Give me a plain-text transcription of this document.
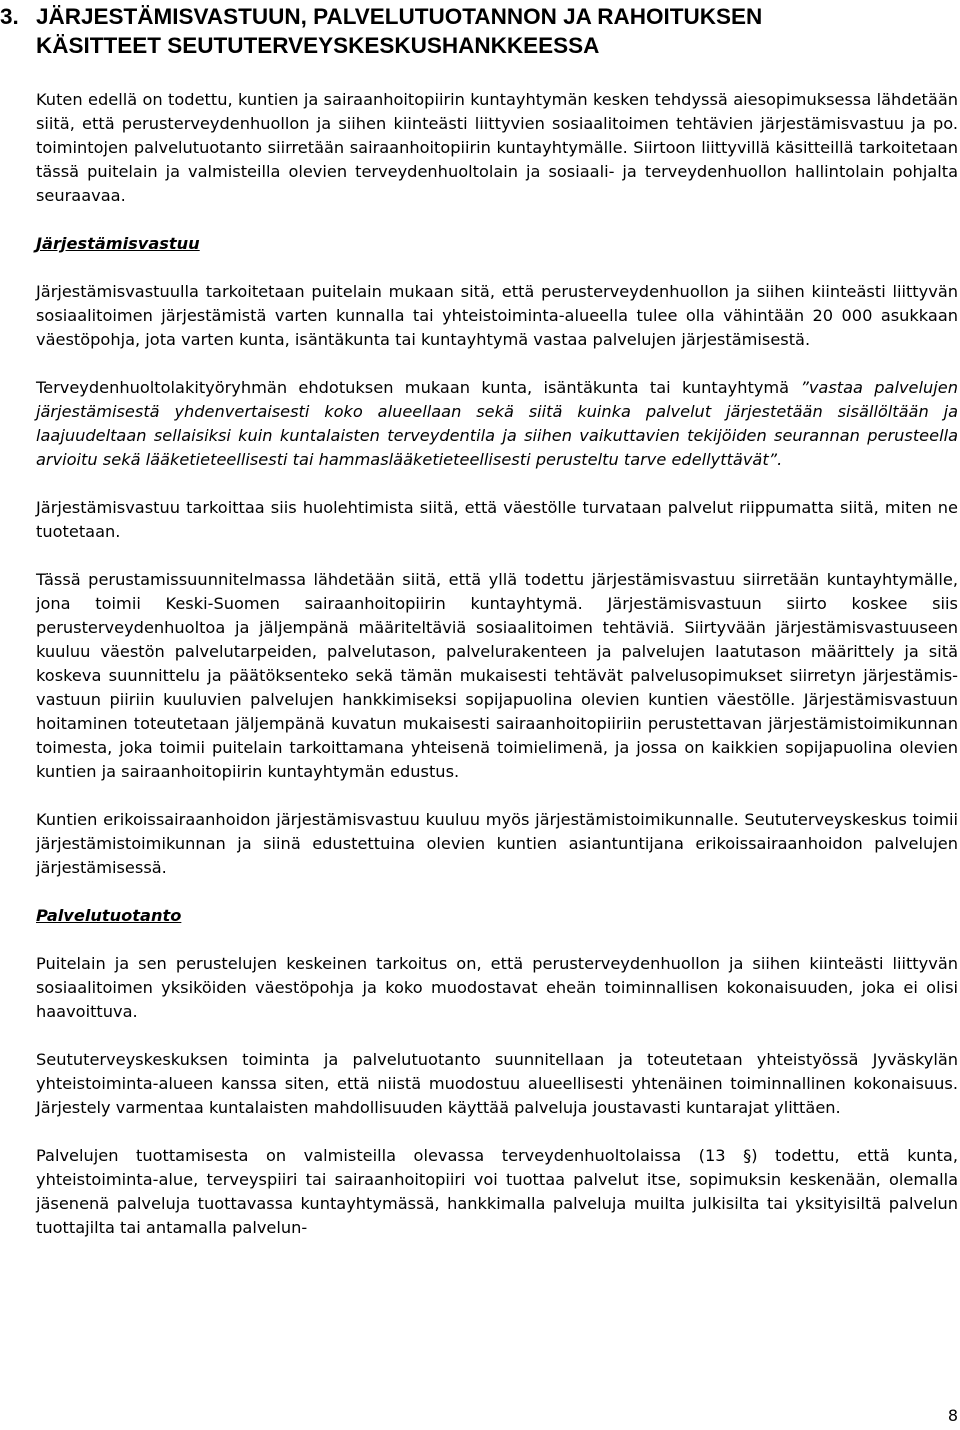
3. JÄRJESTÄMISVASTUUN, PALVELUTUOTANNON JA RAHOITUKSEN
KÄSITTEET SEUTUTERVEYSKESKUSHANKKEESSA

Kuten edellä on todettu, kuntien ja sairaanhoitopiirin kuntayhtymän kesken tehdyssä aiesopimuksessa lähdetään siitä, että perusterveydenhuollon ja siihen kiinteästi liittyvien sosiaalitoimen tehtävien järjestämisvastuu ja po. toimintojen palvelutuotanto siirretään sairaanhoitopiirin kuntayhtymälle. Siirtoon liittyvillä käsitteillä tarkoitetaan tässä puitelain ja valmisteilla olevien terveydenhuoltolain ja sosiaali- ja terveydenhuollon hallintolain pohjalta seuraavaa.

Järjestämisvastuu

Järjestämisvastuulla tarkoitetaan puitelain mukaan sitä, että perusterveydenhuollon ja siihen kiinteästi liittyvän sosiaalitoimen järjestämistä varten kunnalla tai yhteistoiminta-alueella tulee olla vähintään 20 000 asukkaan väestöpohja, jota varten kunta, isäntäkunta tai kuntayhtymä vastaa palvelujen järjestämisestä.

Terveydenhuoltolakityöryhmän ehdotuksen mukaan kunta, isäntäkunta tai kuntayhtymä ”vastaa palvelujen järjestämisestä yhdenvertaisesti koko alueellaan sekä siitä kuinka palvelut järjestetään sisällöltään ja laajuudeltaan sellaisiksi kuin kuntalaisten terveydentila ja siihen vaikuttavien tekijöiden seurannan perusteella arvioitu sekä lääketieteellisesti tai hammaslääketieteellisesti perusteltu tarve edellyttävät”.

Järjestämisvastuu tarkoittaa siis huolehtimista siitä, että väestölle turvataan palvelut riippumatta siitä, miten ne tuotetaan.

Tässä perustamissuunnitelmassa lähdetään siitä, että yllä todettu järjestämisvastuu siirretään kuntayhtymälle, jona toimii Keski-Suomen sairaanhoitopiirin kuntayhtymä. Järjestämisvastuun siirto koskee siis perusterveydenhuoltoa ja jäljempänä määriteltäviä sosiaalitoimen tehtäviä. Siirtyvään järjestämisvastuuseen kuuluu väestön palvelutarpeiden, palvelutason, palvelurakenteen ja palvelujen laatutason määrittely ja sitä koskeva suunnittelu ja päätöksenteko sekä tämän mukaisesti tehtävät palvelusopimukset siirretyn järjestämisvastuun piiriin kuuluvien palvelujen hankkimiseksi sopijapuolina olevien kuntien väestölle. Järjestämisvastuun hoitaminen toteutetaan jäljempänä kuvatun mukaisesti sairaanhoitopiiriin perustettavan järjestämistoimikunnan toimesta, joka toimii puitelain tarkoittamana yhteisenä toimielimenä, ja jossa on kaikkien sopijapuolina olevien kuntien ja sairaanhoitopiirin kuntayhtymän edustus.

Kuntien erikoissairaanhoidon järjestämisvastuu kuuluu myös järjestämistoimikunnalle. Seututerveyskeskus toimii järjestämistoimikunnan ja siinä edustettuina olevien kuntien asiantuntijana erikoissairaanhoidon palvelujen järjestämisessä.

Palvelutuotanto

Puitelain ja sen perustelujen keskeinen tarkoitus on, että perusterveydenhuollon ja siihen kiinteästi liittyvän sosiaalitoimen yksiköiden väestöpohja ja koko muodostavat eheän toiminnallisen kokonaisuuden, joka ei olisi haavoittuva.

Seututerveyskeskuksen toiminta ja palvelutuotanto suunnitellaan ja toteutetaan yhteistyössä Jyväskylän yhteistoiminta-alueen kanssa siten, että niistä muodostuu alueellisesti yhtenäinen toiminnallinen kokonaisuus. Järjestely varmentaa kuntalaisten mahdollisuuden käyttää palveluja joustavasti kuntarajat ylittäen.

Palvelujen tuottamisesta on valmisteilla olevassa terveydenhuoltolaissa (13 §) todettu, että kunta, yhteistoiminta-alue, terveyspiiri tai sairaanhoitopiiri voi tuottaa palvelut itse, sopimuksin keskenään, olemalla jäsenenä palveluja tuottavassa kuntayhtymässä, hankkimalla palveluja muilta julkisilta tai yksityisiltä palvelun tuottajilta tai antamalla palvelun-

8
